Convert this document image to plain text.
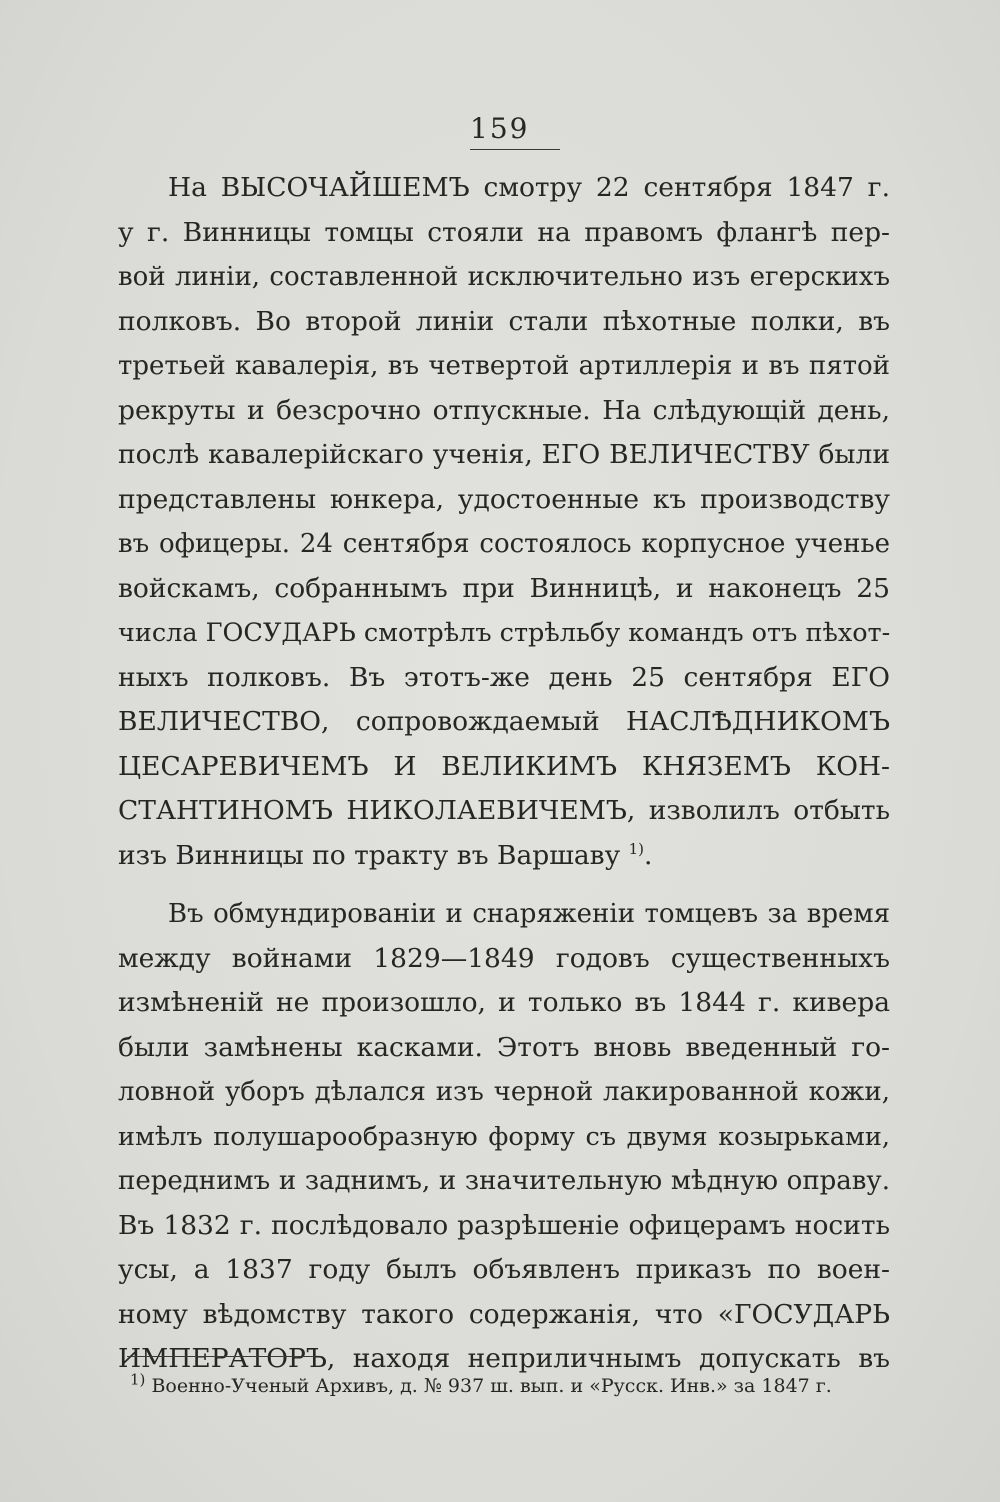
159
На ВЫСОЧАЙШЕМЪ смотру 22 сентября 1847 г.
у г. Винницы томцы стояли на правомъ флангѣ пер-
вой линіи, составленной исключительно изъ егерскихъ
полковъ. Во второй линіи стали пѣхотные полки, въ
третьей кавалерія, въ четвертой артиллерія и въ пятой
рекруты и безсрочно отпускные. На слѣдующій день,
послѣ кавалерійскаго ученія, ЕГО ВЕЛИЧЕСТВУ были
представлены юнкера, удостоенные къ производству
въ офицеры. 24 сентября состоялось корпусное ученье
войскамъ, собраннымъ при Винницѣ, и наконецъ 25
числа ГОСУДАРЬ смотрѣлъ стрѣльбу командъ отъ пѣхот-
ныхъ полковъ. Въ этотъ-же день 25 сентября ЕГО
ВЕЛИЧЕСТВО, сопровождаемый НАСЛѢДНИКОМЪ
ЦЕСАРЕВИЧЕМЪ И ВЕЛИКИМЪ КНЯЗЕМЪ КОН-
СТАНТИНОМЪ НИКОЛАЕВИЧЕМЪ, изволилъ отбыть
изъ Винницы по тракту въ Варшаву $^{1)}$.
Въ обмундированіи и снаряженіи томцевъ за время
между войнами 1829—1849 годовъ существенныхъ
измѣненій не произошло, и только въ 1844 г. кивера
были замѣнены касками. Этотъ вновь введенный го-
ловной уборъ дѣлался изъ черной лакированной кожи,
имѣлъ полушарообразную форму съ двумя козырьками,
переднимъ и заднимъ, и значительную мѣдную оправу.
Въ 1832 г. послѣдовало разрѣшеніе офицерамъ носить
усы, а 1837 году былъ объявленъ приказъ по воен-
ному вѣдомству такого содержанія, что «ГОСУДАРЬ
ИМПЕРАТОРЪ, находя неприличнымъ допускать въ
$^{1)}$ Военно-Ученый Архивъ, д. № 937 ш. вып. и «Русск. Инв.» за 1847 г.
